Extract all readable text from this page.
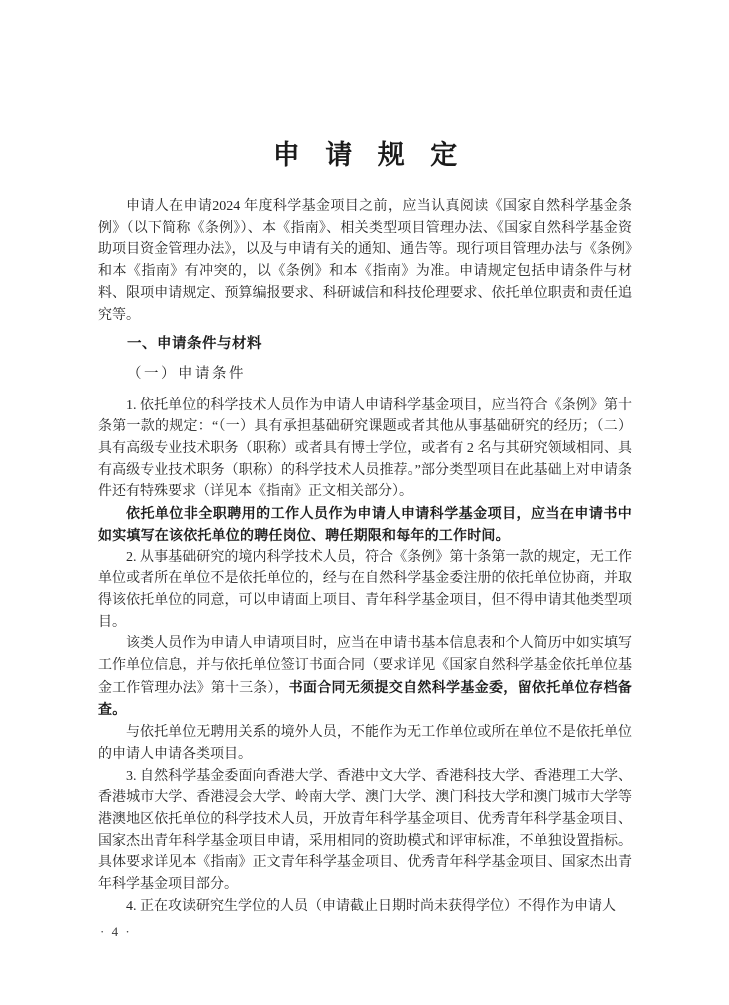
申 请 规 定

申请人在申请2024 年度科学基金项目之前，应当认真阅读《国家自然科学基金条例》（以下简称《条例》）、本《指南》、相关类型项目管理办法、《国家自然科学基金资助项目资金管理办法》，以及与申请有关的通知、通告等。现行项目管理办法与《条例》和本《指南》有冲突的，以《条例》和本《指南》为准。申请规定包括申请条件与材料、限项申请规定、预算编报要求、科研诚信和科技伦理要求、依托单位职责和责任追究等。

一、申请条件与材料
（一）申请条件

1. 依托单位的科学技术人员作为申请人申请科学基金项目，应当符合《条例》第十条第一款的规定：“（一）具有承担基础研究课题或者其他从事基础研究的经历；（二）具有高级专业技术职务（职称）或者具有博士学位，或者有 2 名与其研究领域相同、具有高级专业技术职务（职称）的科学技术人员推荐。”部分类型项目在此基础上对申请条件还有特殊要求（详见本《指南》正文相关部分）。

依托单位非全职聘用的工作人员作为申请人申请科学基金项目，应当在申请书中如实填写在该依托单位的聘任岗位、聘任期限和每年的工作时间。

2. 从事基础研究的境内科学技术人员，符合《条例》第十条第一款的规定，无工作单位或者所在单位不是依托单位的，经与在自然科学基金委注册的依托单位协商，并取得该依托单位的同意，可以申请面上项目、青年科学基金项目，但不得申请其他类型项目。

该类人员作为申请人申请项目时，应当在申请书基本信息表和个人简历中如实填写工作单位信息，并与依托单位签订书面合同（要求详见《国家自然科学基金依托单位基金工作管理办法》第十三条），书面合同无须提交自然科学基金委，留依托单位存档备查。

与依托单位无聘用关系的境外人员，不能作为无工作单位或所在单位不是依托单位的申请人申请各类项目。

3. 自然科学基金委面向香港大学、香港中文大学、香港科技大学、香港理工大学、香港城市大学、香港浸会大学、岭南大学、澳门大学、澳门科技大学和澳门城市大学等港澳地区依托单位的科学技术人员，开放青年科学基金项目、优秀青年科学基金项目、国家杰出青年科学基金项目申请，采用相同的资助模式和评审标准，不单独设置指标。具体要求详见本《指南》正文青年科学基金项目、优秀青年科学基金项目、国家杰出青年科学基金项目部分。

4. 正在攻读研究生学位的人员（申请截止日期时尚未获得学位）不得作为申请人

· 4 ·
